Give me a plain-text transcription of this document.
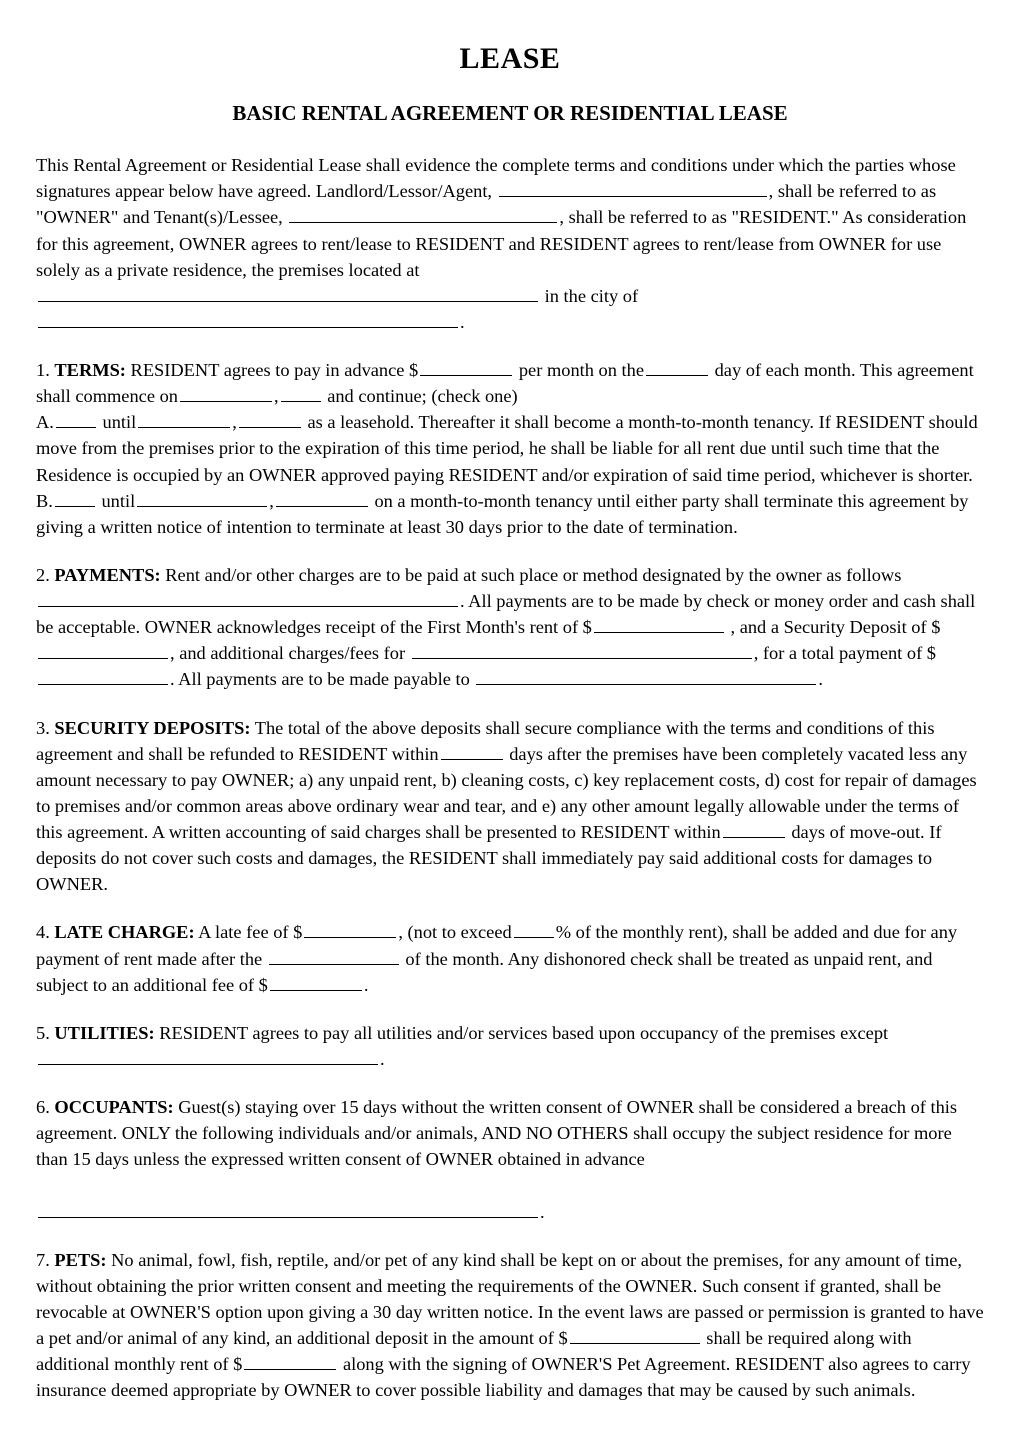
LEASE
BASIC RENTAL AGREEMENT OR RESIDENTIAL LEASE
This Rental Agreement or Residential Lease shall evidence the complete terms and conditions under which the parties whose signatures appear below have agreed. Landlord/Lessor/Agent,	, shall be referred to as "OWNER" and Tenant(s)/Lessee,	, shall be referred to as "RESIDENT." As consideration for this agreement, OWNER agrees to rent/lease to RESIDENT and RESIDENT agrees to rent/lease from OWNER for use solely as a private residence, the premises located at
in the city of .
1. TERMS: RESIDENT agrees to pay in advance $	per month on the	day of each month. This agreement shall commence on	,	and continue; (check one)
A.	until	,	as a leasehold. Thereafter it shall become a month-to-month tenancy. If RESIDENT should move from the premises prior to the expiration of this time period, he shall be liable for all rent due until such time that the Residence is occupied by an OWNER approved paying RESIDENT and/or expiration of said time period, whichever is shorter.
B.	until	,	on a month-to-month tenancy until either party shall terminate this agreement by giving a written notice of intention to terminate at least 30 days prior to the date of termination.
2. PAYMENTS: Rent and/or other charges are to be paid at such place or method designated by the owner as follows
. All payments are to be made by check or money order and cash shall be acceptable. OWNER acknowledges receipt of the First Month's rent of $	, and a Security Deposit of $, and additional charges/fees for	, for a total payment of $
. All payments are to be made payable to	.
3. SECURITY DEPOSITS: The total of the above deposits shall secure compliance with the terms and conditions of this agreement and shall be refunded to RESIDENT within	days after the premises have been completely vacated less any amount necessary to pay OWNER; a) any unpaid rent, b) cleaning costs, c) key replacement costs, d) cost for repair of damages to premises and/or common areas above ordinary wear and tear, and e) any other amount legally allowable under the terms of this agreement. A written accounting of said charges shall be presented to RESIDENT within	days of move-out. If deposits do not cover such costs and damages, the RESIDENT shall immediately pay said additional costs for damages to OWNER.
4. LATE CHARGE: A late fee of $	, (not to exceed % of the monthly rent), shall be added and due for any payment of rent made after the	of the month. Any dishonored check shall be treated as unpaid rent, and subject to an additional fee of $	.
5. UTILITIES: RESIDENT agrees to pay all utilities and/or services based upon occupancy of the premises except
.
6. OCCUPANTS: Guest(s) staying over 15 days without the written consent of OWNER shall be considered a breach of this agreement. ONLY the following individuals and/or animals, AND NO OTHERS shall occupy the subject residence for more than 15 days unless the expressed written consent of OWNER obtained in advance

.
7. PETS: No animal, fowl, fish, reptile, and/or pet of any kind shall be kept on or about the premises, for any amount of time, without obtaining the prior written consent and meeting the requirements of the OWNER. Such consent if granted, shall be revocable at OWNER'S option upon giving a 30 day written notice. In the event laws are passed or permission is granted to have a pet and/or animal of any kind, an additional deposit in the amount of $	shall be required along with additional monthly rent of $	along with the signing of OWNER'S Pet Agreement. RESIDENT also agrees to carry insurance deemed appropriate by OWNER to cover possible liability and damages that may be caused by such animals.
